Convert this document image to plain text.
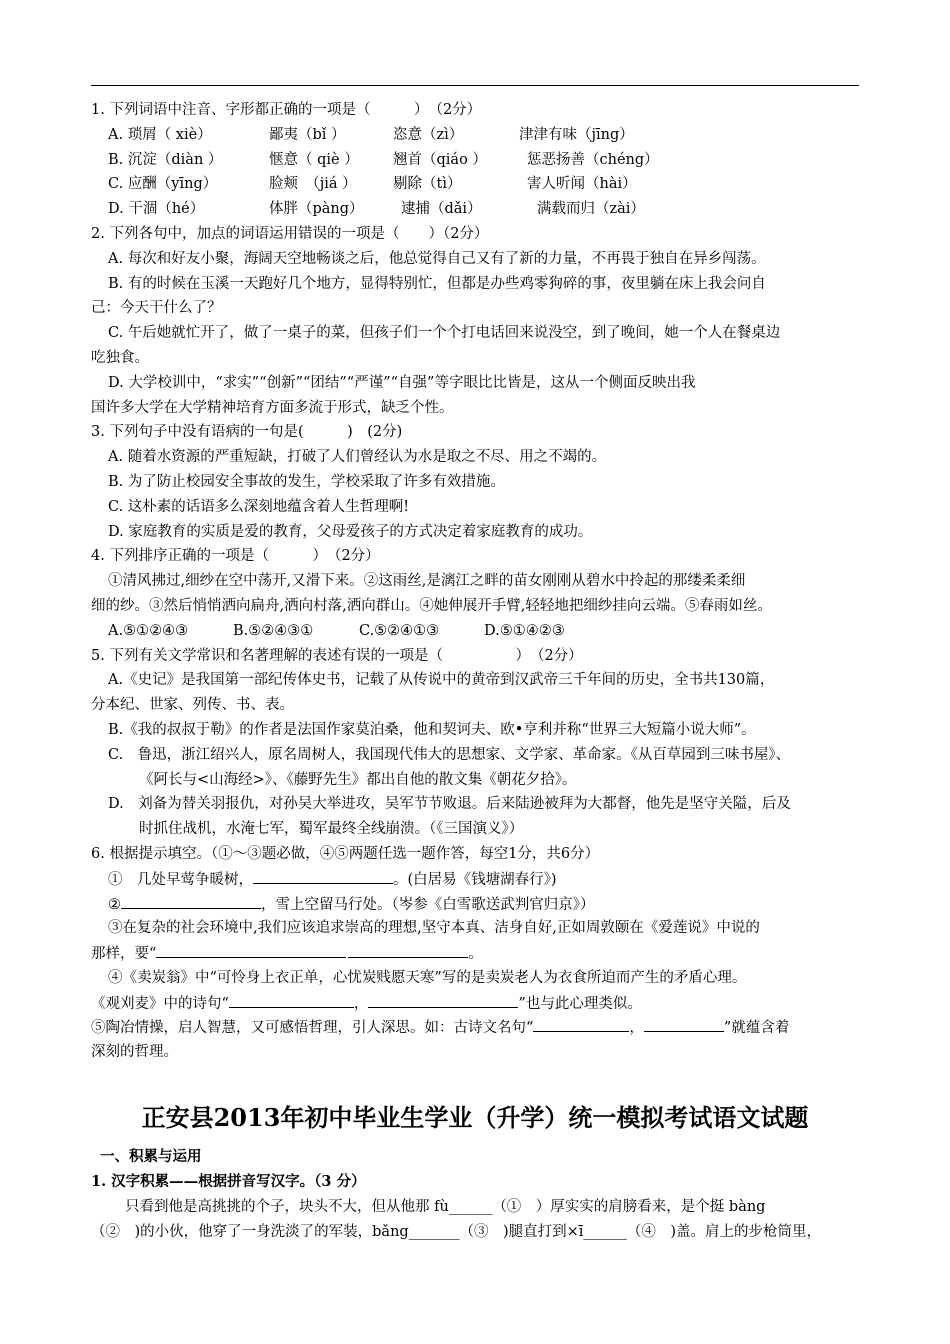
1. 下列词语中注音、字形都正确的一项是（　　　）　（2分）
A. 琐屑（ xiè）	鄙夷（bǐ ）	恣意（zì）	津津有味（jīng）
B. 沉淀（diàn ）	惬意（ qiè ） 翘首（qiáo ）	惩恶扬善（chéng）
C. 应酬（yīng）	脸颊　（jiá ）	剔除（tì）	害人听闻（hài）
D. 干涸（hé）	体胖（pàng）	逮捕（dǎi）	满载而归（zài）
2. 下列各句中，加点的词语运用错误的一项是（　　）（2分）
A. 每次和好友小聚，海阔天空地畅谈之后，他总觉得自己又有了新的力量，不再畏于独自在异乡闯荡。
B. 有的时候在玉溪一天跑好几个地方，显得特别忙，但都是办些鸡零狗碎的事，夜里躺在床上我会问自
己：今天干什么了？
C. 午后她就忙开了，做了一桌子的菜，但孩子们一个个打电话回来说没空，到了晚间，她一个人在餐桌边
吃独食。
D. 大学校训中，“求实”“创新”“团结”“严谨”“自强”等字眼比比皆是，这从一个侧面反映出我
国许多大学在大学精神培育方面多流于形式，缺乏个性。
3. 下列句子中没有语病的一句是(　　　)　(2分)
A. 随着水资源的严重短缺，打破了人们曾经认为水是取之不尽、用之不竭的。
B. 为了防止校园安全事故的发生，学校采取了许多有效措施。
C. 这朴素的话语多么深刻地蕴含着人生哲理啊!
D. 家庭教育的实质是爱的教育，父母爱孩子的方式决定着家庭教育的成功。
4. 下列排序正确的一项是（　　　）　（2分）
①清风拂过,细纱在空中荡开,又滑下来。②这雨丝,是漓江之畔的苗女刚刚从碧水中拎起的那缕柔柔细
细的纱。③然后悄悄洒向扁舟,洒向村落,洒向群山。④她伸展开手臂,轻轻地把细纱挂向云端。⑤春雨如丝。
A.⑤①②④③	B.⑤②④③①	C.⑤②④①③	D.⑤①④②③
5. 下列有关文学常识和名著理解的表述有误的一项是（　　　　　）　（2分）
A.《史记》是我国第一部纪传体史书，记载了从传说中的黄帝到汉武帝三千年间的历史，全书共130篇，
分本纪、世家、列传、书、表。
B.《我的叔叔于勒》的作者是法国作家莫泊桑，他和契诃夫、欧•亨利并称“世界三大短篇小说大师”。
C.　鲁迅，浙江绍兴人，原名周树人，我国现代伟大的思想家、文学家、革命家。《从百草园到三味书屋》、
《阿长与<山海经>》、《藤野先生》都出自他的散文集《朝花夕拾》。
D.　刘备为替关羽报仇，对孙吴大举进攻，吴军节节败退。后来陆逊被拜为大都督，他先是坚守关隘，后及
时抓住战机，水淹七军，蜀军最终全线崩溃。（《三国演义》）
6. 根据提示填空。（①～③题必做，④⑤两题任选一题作答，每空1分，共6分）
①　几处早莺争暖树，	。(白居易《钱塘湖春行》)
②	，雪上空留马行处。（岑参《白雪歌送武判官归京》）
③在复杂的社会环境中,我们应该追求崇高的理想,坚守本真、洁身自好,正如周敦颐在《爱莲说》中说的
那样，要“	。
④《卖炭翁》中“可怜身上衣正单，心忧炭贱愿天寒”写的是卖炭老人为衣食所迫而产生的矛盾心理。
《观刈麦》中的诗句“	，	”也与此心理类似。
⑤陶冶情操，启人智慧，又可感悟哲理，引人深思。如：古诗文名句“	，	”就蕴含着
深刻的哲理。
正安县2013年初中毕业生学业（升学）统一模拟考试语文试题
一、积累与运用
1. 汉字积累——根据拼音写汉字。（3 分）
只看到他是高挑挑的个子，块头不大，但从他那 fù______（①　）厚实实的肩膀看来，是个挺 bàng
（②　)的小伙，他穿了一身洗淡了的军装，bǎng_______（③　)腿直打到×ī______（④　)盖。肩上的步枪筒里，
